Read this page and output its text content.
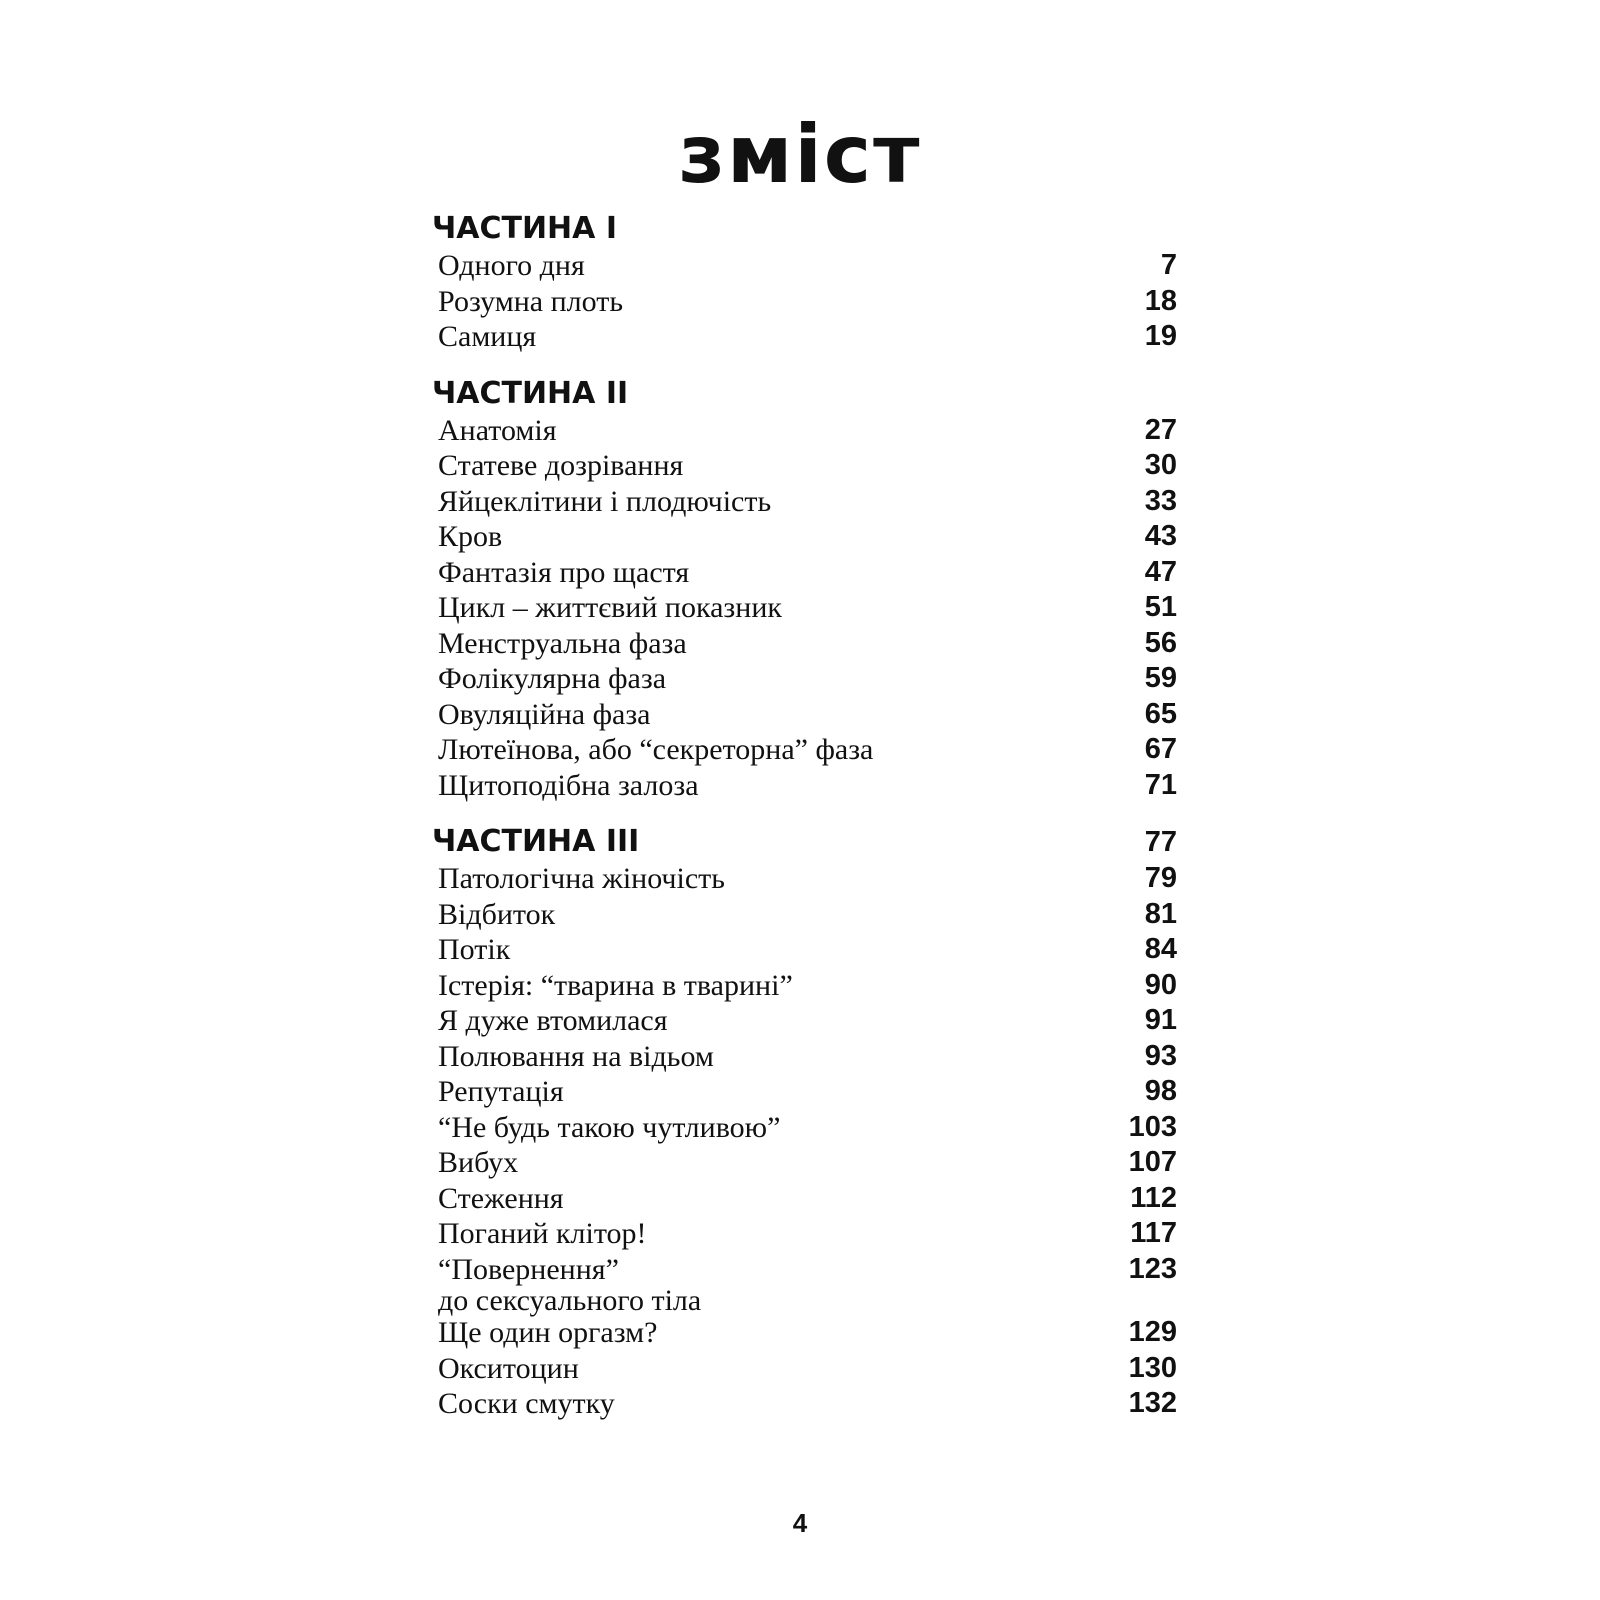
зміст
ЧАСТИНА І
Одного дня	7
Розумна плоть	18
Самиця	19
ЧАСТИНА ІІ
Анатомія	27
Статеве дозрівання	30
Яйцеклітини і плодючість	33
Кров	43
Фантазія про щастя	47
Цикл – життєвий показник	51
Менструальна фаза	56
Фолікулярна фаза	59
Овуляційна фаза	65
Лютеїнова, або “секреторна” фаза	67
Щитоподібна залоза	71
ЧАСТИНА ІІІ	77
Патологічна жіночість	79
Відбиток	81
Потік	84
Істерія: “тварина в тварині”	90
Я дуже втомилася	91
Полювання на відьом	93
Репутація	98
“Не будь такою чутливою”	103
Вибух	107
Стеження	112
Поганий клітор!	117
“Повернення”
до сексуального тіла
123
Ще один оргазм?	129
Окситоцин	130
Соски смутку	132
4
